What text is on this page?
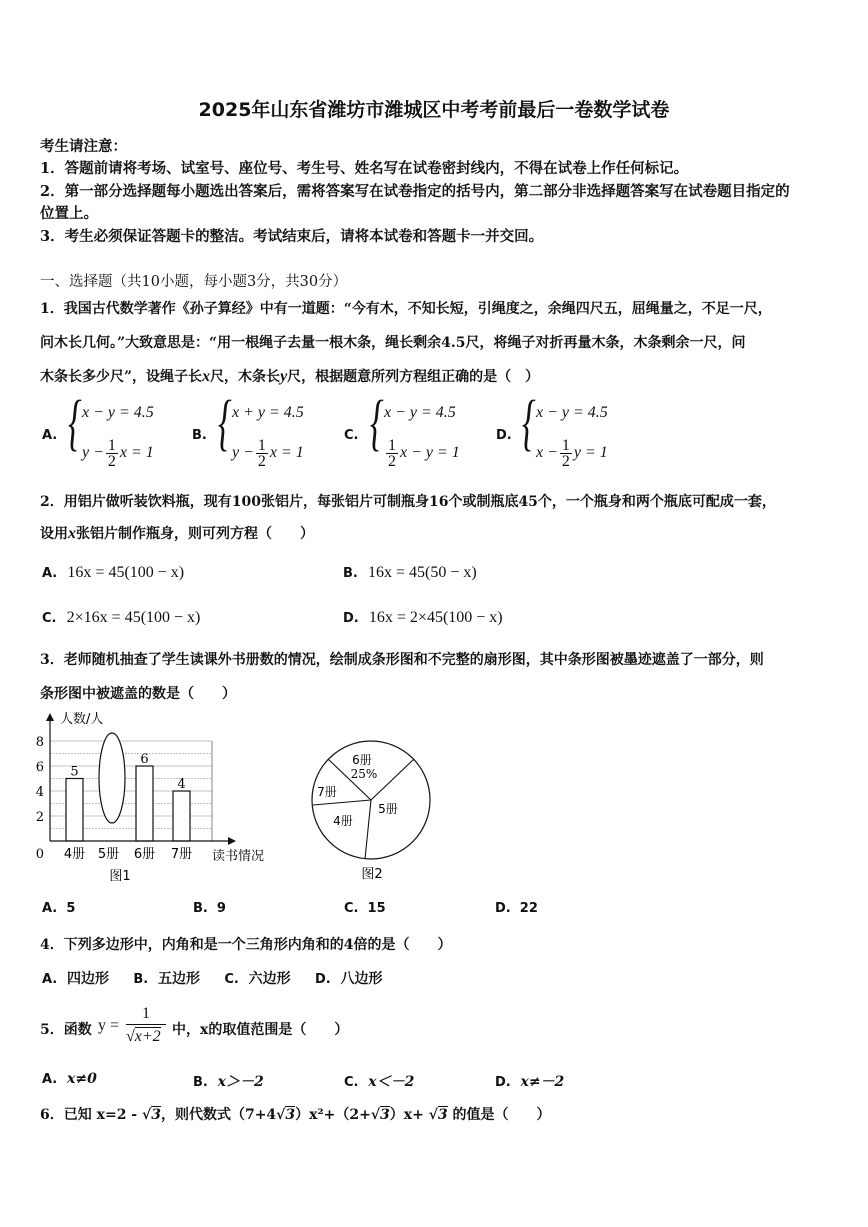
2025年山东省潍坊市潍城区中考考前最后一卷数学试卷
考生请注意：
1．答题前请将考场、试室号、座位号、考生号、姓名写在试卷密封线内，不得在试卷上作任何标记。
2．第一部分选择题每小题选出答案后，需将答案写在试卷指定的括号内，第二部分非选择题答案写在试卷题目指定的
位置上。
3．考生必须保证答题卡的整洁。考试结束后，请将本试卷和答题卡一并交回。
一、选择题（共10小题，每小题3分，共30分）
1．我国古代数学著作《孙子算经》中有一道题：“今有木，不知长短，引绳度之，余绳四尺五，屈绳量之，不足一尺，
问木长几何。”大致意思是：“用一根绳子去量一根木条，绳长剩余4.5尺，将绳子对折再量木条，木条剩余一尺，问
木条长多少尺”，设绳子长x尺，木条长y尺，根据题意所列方程组正确的是（　）
A. { x − y = 4.5
$y - \frac{1}{2}$ x = 1
B. { x + y = 4.5
$y - \frac{1}{2}$ x = 1
C. { x − y = 4.5
$\frac{1}{2}$ x − y = 1
D. { x − y = 4.5
$x - \frac{1}{2}$ y = 1
2．用铝片做听装饮料瓶，现有100张铝片，每张铝片可制瓶身16个或制瓶底45个，一个瓶身和两个瓶底可配成一套，
设用x张铝片制作瓶身，则可列方程（　　）
A. 16x = 45(100 − x)	B. 16x = 45(50 − x)
C. 2×16x = 45(100 − x)	D. 16x = 2×45(100 − x)
3．老师随机抽查了学生读课外书册数的情况，绘制成条形图和不完整的扇形图，其中条形图被墨迹遮盖了一部分，则
条形图中被遮盖的数是（　　）
人数/人
读书情况
0
2
4
6
8
4册 5册 6册 7册
5
6
4
图1
6册
25%
5册
4册
7册
图2
A. 5	B. 9	C. 15	D. 22
4．下列多边形中，内角和是一个三角形内角和的4倍的是（　　）
A. 四边形 B. 五边形 C. 六边形 D. 八边形
5．函数 y =
1
√x+2 中，x的取值范围是（　　）
A. x≠0	B. x＞－2	C. x＜－2	D. x≠－2
6．已知 x=2 - √3，则代数式（7+4√3）x²+（2+√3）x+ √3 的值是（　　）
